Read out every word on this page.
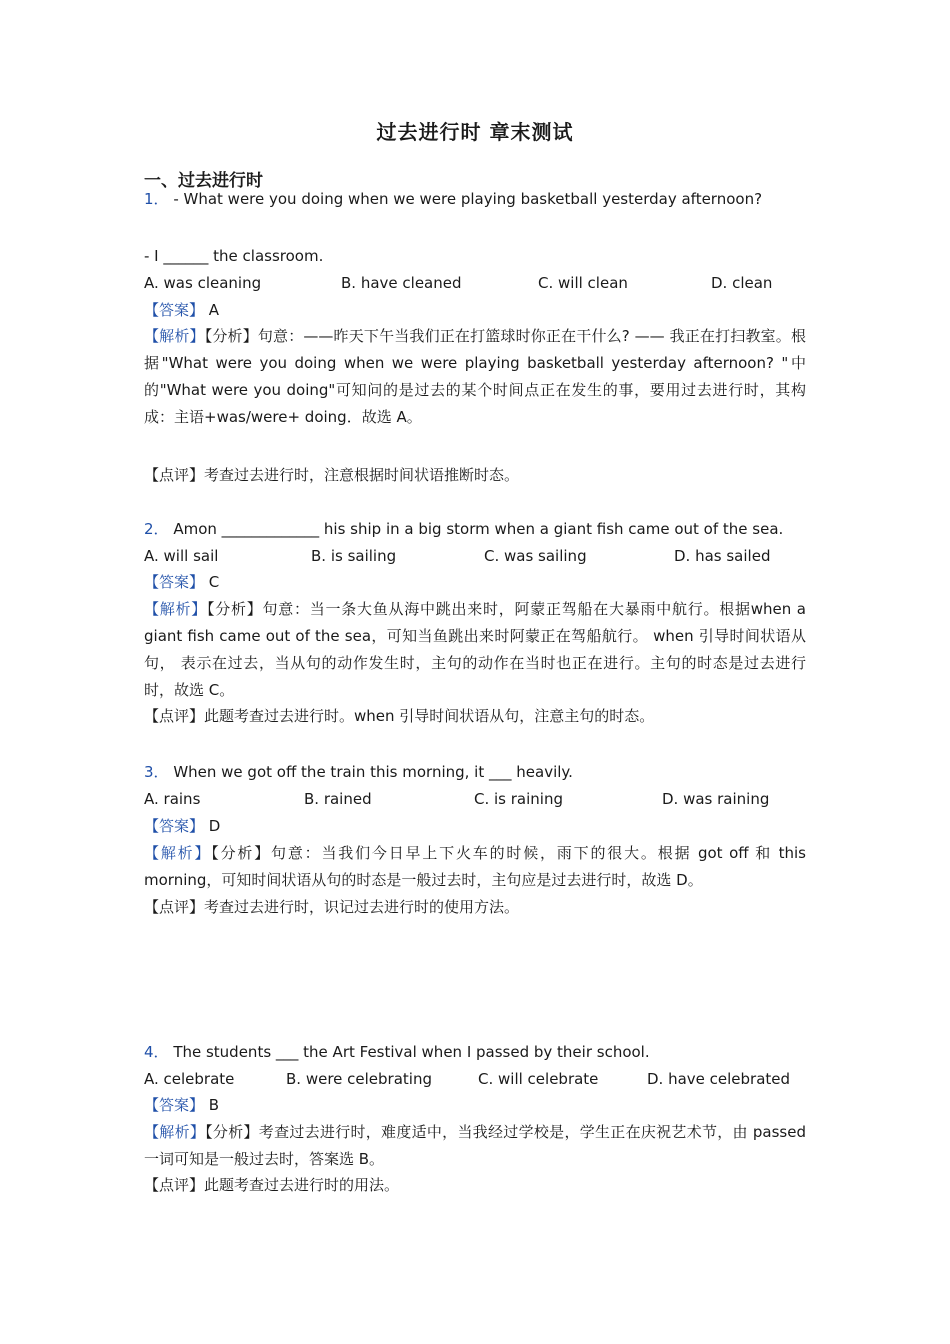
过去进行时 章末测试
一、过去进行时
1． - What were you doing when we were playing basketball yesterday afternoon?
- I ______ the classroom.
A. was cleaning	B. have cleaned	C. will clean	D. clean
【答案】 A
【解析】【分析】句意：——昨天下午当我们正在打篮球时你正在干什么? —— 我正在打扫教室。根据"What were you doing when we were playing basketball yesterday afternoon? "中的"What were you doing"可知问的是过去的某个时间点正在发生的事，要用过去进行时，其构成：主语+was/were+ doing．故选 A。
【点评】考查过去进行时，注意根据时间状语推断时态。
2． Amon _____________ his ship in a big storm when a giant fish came out of the sea.
A. will sail	B. is sailing	C. was sailing	D. has sailed
【答案】 C
【解析】【分析】句意：当一条大鱼从海中跳出来时，阿蒙正驾船在大暴雨中航行。根据when a giant fish came out of the sea，可知当鱼跳出来时阿蒙正在驾船航行。 when 引导时间状语从句， 表示在过去，当从句的动作发生时，主句的动作在当时也正在进行。主句的时态是过去进行时，故选 C。
【点评】此题考查过去进行时。when 引导时间状语从句，注意主句的时态。
3． When we got off the train this morning, it ___ heavily.
A. rains	B. rained	C. is raining	D. was raining
【答案】 D
【解析】【分析】句意：当我们今日早上下火车的时候，雨下的很大。根据 got off 和 this morning，可知时间状语从句的时态是一般过去时，主句应是过去进行时，故选 D。
【点评】考查过去进行时，识记过去进行时的使用方法。
4． The students ___ the Art Festival when I passed by their school.
A. celebrate	B. were celebrating	C. will celebrate	D. have celebrated
【答案】 B
【解析】【分析】考查过去进行时，难度适中，当我经过学校是，学生正在庆祝艺术节，由 passed 一词可知是一般过去时，答案选 B。
【点评】此题考查过去进行时的用法。
